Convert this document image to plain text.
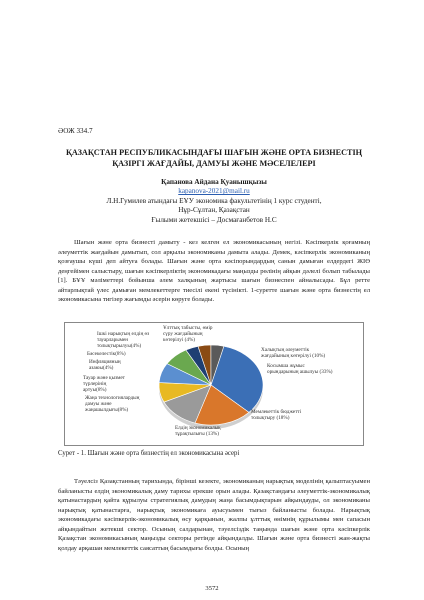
ӘОЖ 334.7
ҚАЗАҚСТАН РЕСПУБЛИКАСЫНДАҒЫ ШАҒЫН ЖӘНЕ ОРТА БИЗНЕСТІҢ
ҚАЗІРГІ ЖАҒДАЙЫ, ДАМУЫ ЖӘНЕ МӘСЕЛЕЛЕРІ
Қапанова Айдана Қуанышқызы
kapanova-2021@mail.ru
Л.Н.Гумилев атындағы ЕҰУ экономика факультетінің 1 курс студенті,
Нұр-Сұлтан, Қазақстан
Ғылыми жетекшісі – Досмағанбетов Н.С
Шағын және орта бизнесті дамыту - кез келген ел экономикасының негізі. Кәсіпкерлік қоғамның әлеуметтік жағдайын дамытып, сол арқылы экономиканы дамыта алады. Демек, кәсіпкерлік экономиканың қозғаушы күші деп айтуға болады. Шағын және орта кәсіпорындардың санын дамыған елдердегі ЖІӨ деңгейімен салыстыру, шағын кәсіпкерліктің экономикадағы маңызды рөлінің айқын дәлелі болып табылады [1]. БҰҰ мәліметтері бойынша әлем халқының жартысы шағын бизнеспен айналысады. Бұл ретте айтарлықтай үлес дамыған мемлекеттерге тиесілі екені түсінікті. 1-суретте шағын және орта бизнестің ел экономикасына тигізер жағымды әсерін көруге болады.
Косымша жұмыс орындарының ашылуы (33%)
Мемлекеттік бюджетті толықтыру (18%)
Елдің экономикалық тұрақтылығы (13%)
Жаңа технологиялардың дамуы және жаңашылдығы(8%)
Тауар және қызмет түрлерінің артуы(8%)
Бәсекелестік(8%)
Инфляцияның азаюы(4%)
Ішкі нарықтың елдің өз тауарларымен толықтырылуы(4%)
Ұлттық табысты, өмір сүру жағдайының көтерілуі (4%)
Халықтың әлеуметтік жағдайының көтерілуі (10%)
Сурет - 1. Шағын және орта бизнестің ел экономикасына әсері
Тәуелсіз Қазақстанның тарихында, бірінші кезекте, экономиканың нарықтық моделінің қалыптасуымен байланысты елдің экономикалық даму тарихы ерекше орын алады. Қазақстандағы әлеуметтік-экономикалық қатынастардың қайта құрылуы стратегиялық дамудың жаңа басымдықтарын айқындауды, ол экономиканы нарықтық қатынастарға, нарықтық экономикаға ауысуымен тығыз байланысты болады. Нарықтық экономикадағы кәсіпкерлік-экономикалық өсу қарқынын, жалпы ұлттық өнімнің құрылымы мен сапасын айқындайтын жетекші сектор. Осының салдарынан, тәуелсіздік таңында шағын және орта кәсіпкерлік Қазақстан экономикасының маңызды секторы ретінде айқындалды. Шағын және орта бизнесті жан-жақты қолдау арқашан мемлекеттік саясаттың басымдығы болды. Осының
3572
